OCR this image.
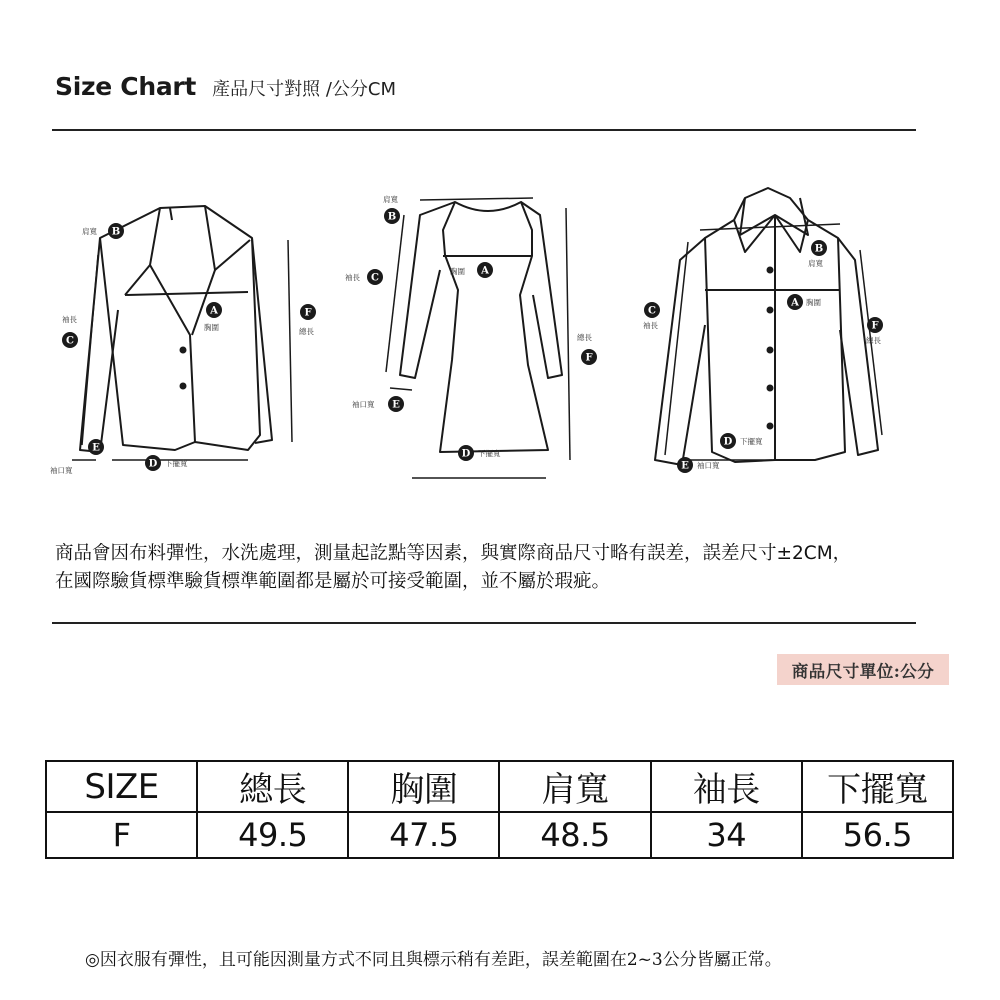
Size Chart 產品尺寸對照 /公分CM
肩寬 B
袖長
C
A
胸圍
F
總長
E
袖口寬
D 下擺寬
肩寬
B
袖長 C
胸圍 A
總長
F
袖口寬 E
D 下擺寬
B
肩寬
A 胸圍
C
袖長	F
總長
D 下擺寬
E 袖口寬

商品會因布料彈性，水洗處理，測量起訖點等因素，與實際商品尺寸略有誤差，誤差尺寸±2CM，

在國際驗貨標準驗貨標準範圍都是屬於可接受範圍，並不屬於瑕疵。

商品尺寸單位:公分
SIZE	總長	胸圍	肩寬	袖長	下擺寬
F	49.5	47.5	48.5	34	56.5
◎因衣服有彈性，且可能因測量方式不同且與標示稍有差距，誤差範圍在2~3公分皆屬正常。
